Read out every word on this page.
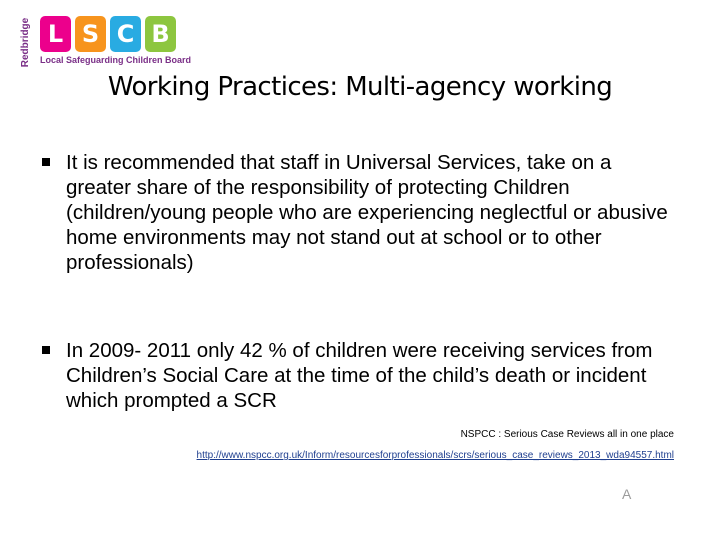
Redbridge L S C B
Local Safeguarding Children Board
Working Practices: Multi-agency working
It is recommended that staff in Universal Services, take on a greater share of the responsibility of protecting Children (children/young people who are experiencing neglectful or abusive home environments may not stand out at school or to other professionals)
In 2009- 2011 only 42 % of children were receiving services from Children’s Social Care at the time of the child’s death or incident which prompted a SCR
NSPCC : Serious Case Reviews all in one place
http://www.nspcc.org.uk/Inform/resourcesforprofessionals/scrs/serious_case_reviews_2013_wda94557.html
A
